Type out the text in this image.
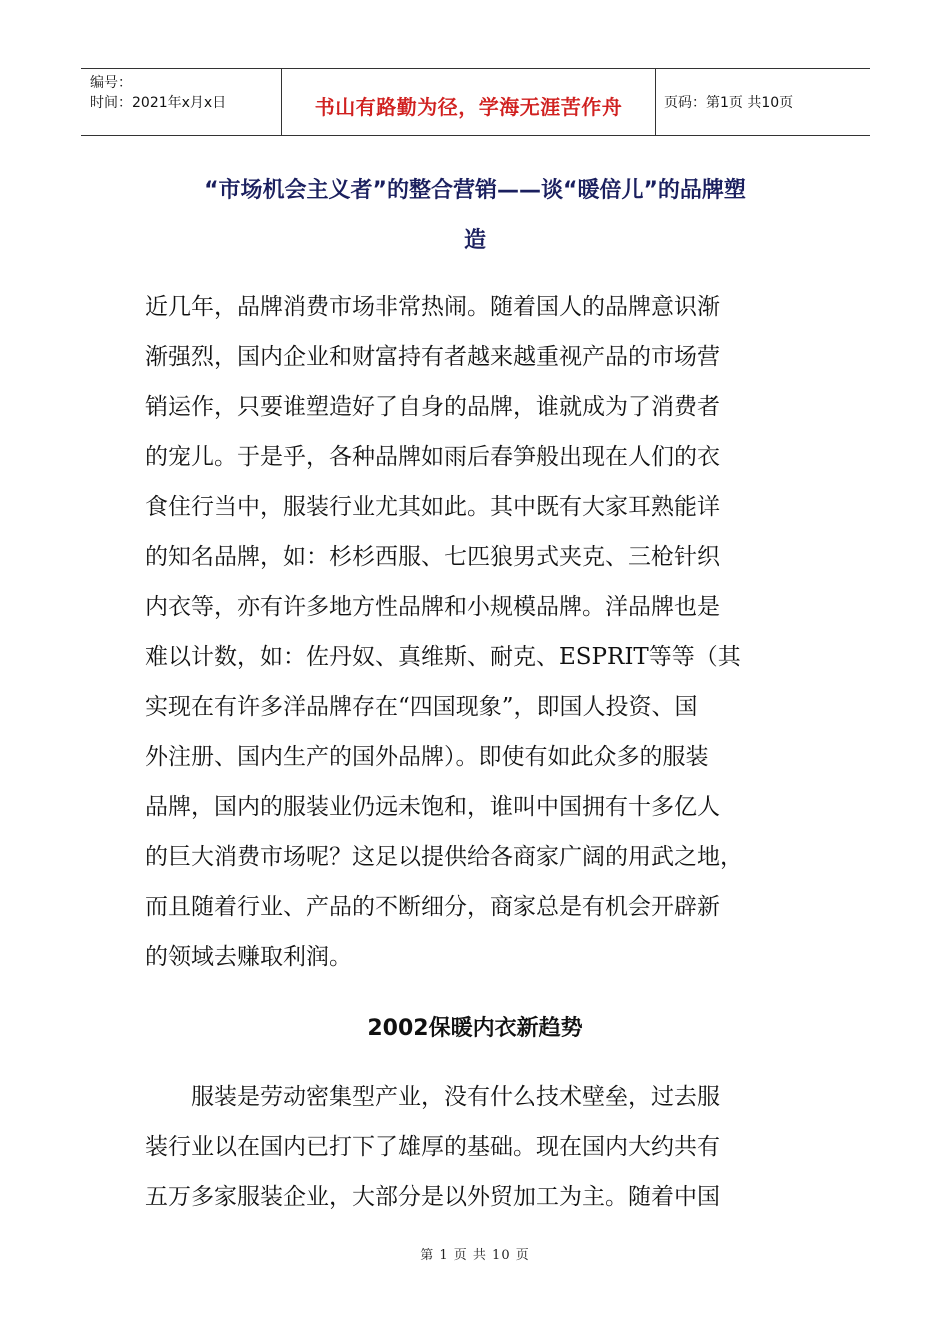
编号：
时间：2021年x月x日	书山有路勤为径，学海无涯苦作舟	页码：第1页 共10页
“市场机会主义者”的整合营销——谈“暖倍儿”的品牌塑
造
近几年，品牌消费市场非常热闹。随着国人的品牌意识渐
渐强烈，国内企业和财富持有者越来越重视产品的市场营
销运作，只要谁塑造好了自身的品牌，谁就成为了消费者
的宠儿。于是乎，各种品牌如雨后春笋般出现在人们的衣
食住行当中，服装行业尤其如此。其中既有大家耳熟能详
的知名品牌，如：杉杉西服、七匹狼男式夹克、三枪针织
内衣等，亦有许多地方性品牌和小规模品牌。洋品牌也是
难以计数，如：佐丹奴、真维斯、耐克、ESPRIT等等（其
实现在有许多洋品牌存在“四国现象”，即国人投资、国
外注册、国内生产的国外品牌）。即使有如此众多的服装
品牌，国内的服装业仍远未饱和，谁叫中国拥有十多亿人
的巨大消费市场呢？这足以提供给各商家广阔的用武之地，
而且随着行业、产品的不断细分，商家总是有机会开辟新
的领域去赚取利润。
2002保暖内衣新趋势
服装是劳动密集型产业，没有什么技术壁垒，过去服
装行业以在国内已打下了雄厚的基础。现在国内大约共有
五万多家服装企业，大部分是以外贸加工为主。随着中国
第 1 页 共 10 页
